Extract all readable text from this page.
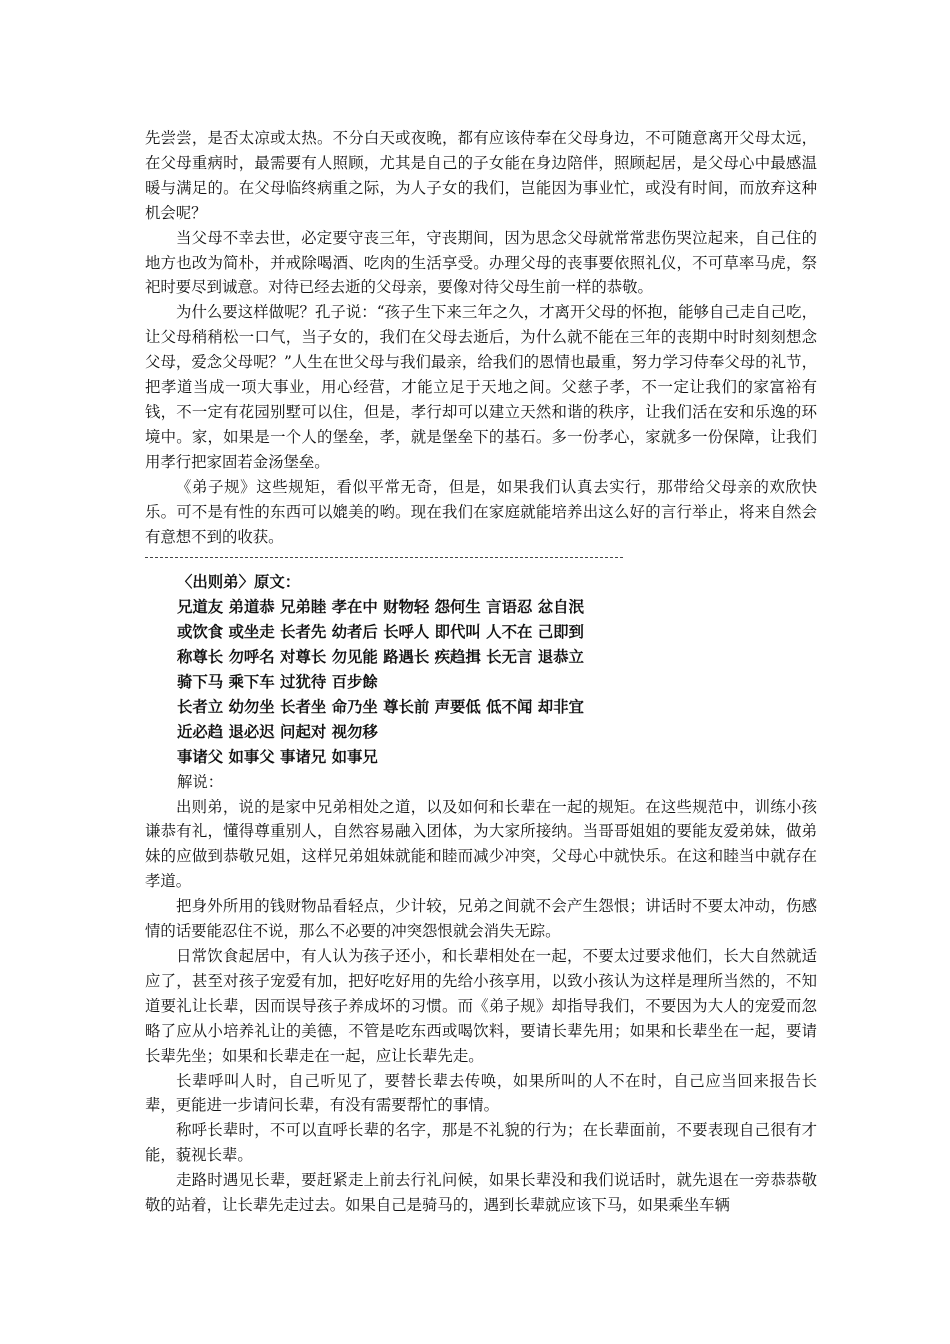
先尝尝，是否太凉或太热。不分白天或夜晚，都有应该侍奉在父母身边，不可随意离开父母太远，在父母重病时，最需要有人照顾，尤其是自己的子女能在身边陪伴，照顾起居，是父母心中最感温暖与满足的。在父母临终病重之际，为人子女的我们，岂能因为事业忙，或没有时间，而放弃这种机会呢？

当父母不幸去世，必定要守丧三年，守丧期间，因为思念父母就常常悲伤哭泣起来，自己住的地方也改为简朴，并戒除喝酒、吃肉的生活享受。办理父母的丧事要依照礼仪，不可草率马虎，祭祀时要尽到诚意。对待已经去逝的父母亲，要像对待父母生前一样的恭敬。

为什么要这样做呢？孔子说：“孩子生下来三年之久，才离开父母的怀抱，能够自己走自己吃，让父母稍稍松一口气，当子女的，我们在父母去逝后，为什么就不能在三年的丧期中时时刻刻想念父母，爱念父母呢？”人生在世父母与我们最亲，给我们的恩情也最重，努力学习侍奉父母的礼节，把孝道当成一项大事业，用心经营，才能立足于天地之间。父慈子孝，不一定让我们的家富裕有钱，不一定有花园别墅可以住，但是，孝行却可以建立天然和谐的秩序，让我们活在安和乐逸的环境中。家，如果是一个人的堡垒，孝，就是堡垒下的基石。多一份孝心，家就多一份保障，让我们用孝行把家固若金汤堡垒。

《弟子规》这些规矩，看似平常无奇，但是，如果我们认真去实行，那带给父母亲的欢欣快乐。可不是有性的东西可以媲美的哟。现在我们在家庭就能培养出这么好的言行举止，将来自然会有意想不到的收获。

〈出则弟〉原文：

兄道友 弟道恭 兄弟睦 孝在中 财物轻 怨何生 言语忍 忿自泯

或饮食 或坐走 长者先 幼者后 长呼人 即代叫 人不在 己即到

称尊长 勿呼名 对尊长 勿见能 路遇长 疾趋揖 长无言 退恭立

骑下马 乘下车 过犹待 百步餘

长者立 幼勿坐 长者坐 命乃坐 尊长前 声要低 低不闻 却非宜

近必趋 退必迟 问起对 视勿移

事诸父 如事父 事诸兄 如事兄

解说：

出则弟，说的是家中兄弟相处之道，以及如何和长辈在一起的规矩。在这些规范中，训练小孩谦恭有礼，懂得尊重别人，自然容易融入团体，为大家所接纳。当哥哥姐姐的要能友爱弟妹，做弟妹的应做到恭敬兄姐，这样兄弟姐妹就能和睦而减少冲突，父母心中就快乐。在这和睦当中就存在孝道。

把身外所用的钱财物品看轻点，少计较，兄弟之间就不会产生怨恨；讲话时不要太冲动，伤感情的话要能忍住不说，那么不必要的冲突怨恨就会消失无踪。

日常饮食起居中，有人认为孩子还小，和长辈相处在一起，不要太过要求他们，长大自然就适应了，甚至对孩子宠爱有加，把好吃好用的先给小孩享用，以致小孩认为这样是理所当然的，不知道要礼让长辈，因而误导孩子养成坏的习惯。而《弟子规》却指导我们，不要因为大人的宠爱而忽略了应从小培养礼让的美德，不管是吃东西或喝饮料，要请长辈先用；如果和长辈坐在一起，要请长辈先坐；如果和长辈走在一起，应让长辈先走。

长辈呼叫人时，自己听见了，要替长辈去传唤，如果所叫的人不在时，自己应当回来报告长辈，更能进一步请问长辈，有没有需要帮忙的事情。

称呼长辈时，不可以直呼长辈的名字，那是不礼貌的行为；在长辈面前，不要表现自己很有才能，藐视长辈。

走路时遇见长辈，要赶紧走上前去行礼问候，如果长辈没和我们说话时，就先退在一旁恭恭敬敬的站着，让长辈先走过去。如果自己是骑马的，遇到长辈就应该下马，如果乘坐车辆
